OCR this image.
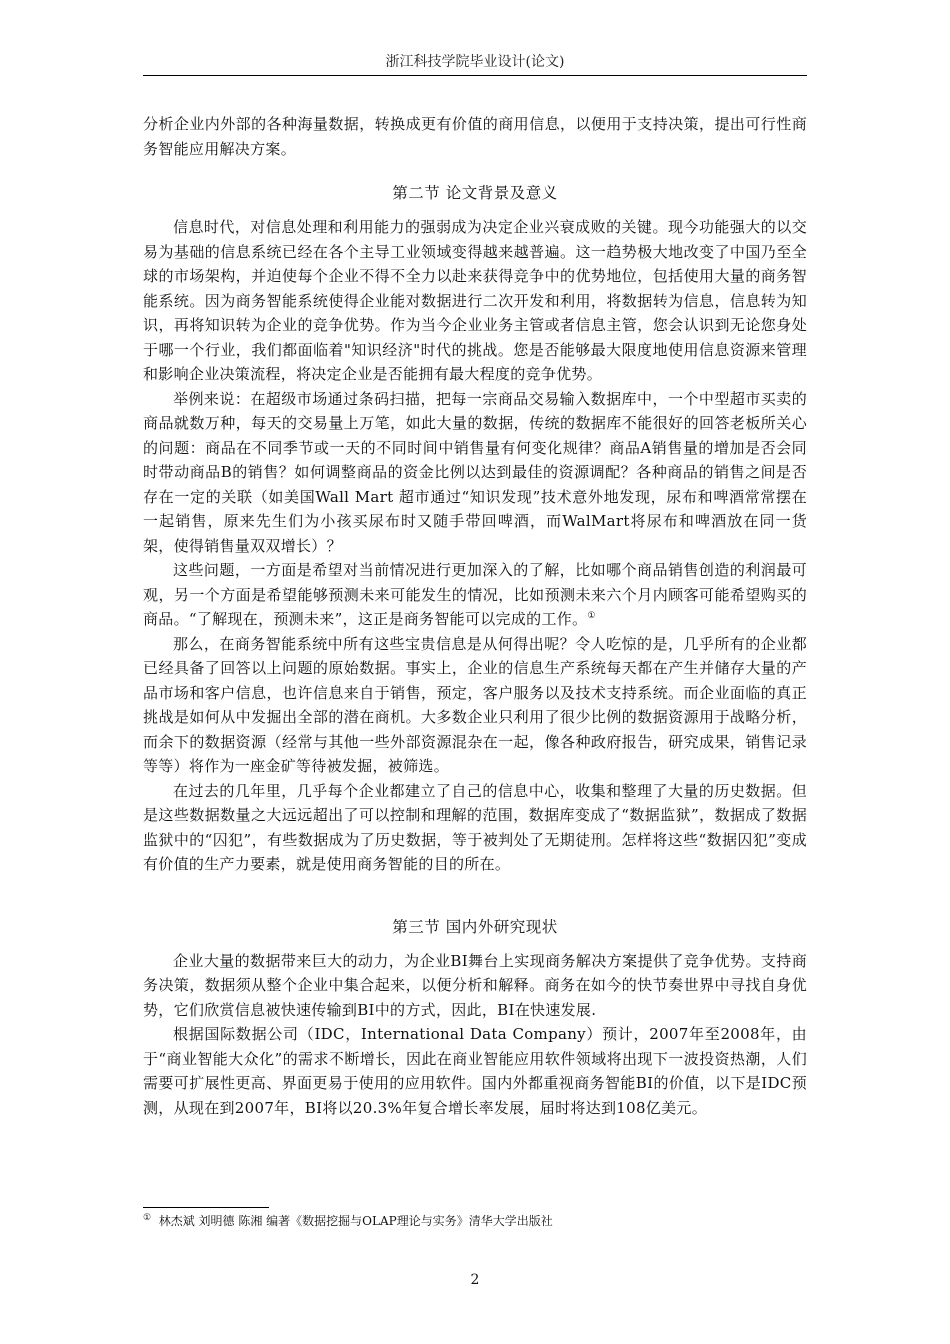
浙江科技学院毕业设计(论文)

分析企业内外部的各种海量数据，转换成更有价值的商用信息，以便用于支持决策，提出可行性商务智能应用解决方案。

第二节 论文背景及意义

信息时代，对信息处理和利用能力的强弱成为决定企业兴衰成败的关键。现今功能强大的以交易为基础的信息系统已经在各个主导工业领域变得越来越普遍。这一趋势极大地改变了中国乃至全球的市场架构，并迫使每个企业不得不全力以赴来获得竞争中的优势地位，包括使用大量的商务智能系统。因为商务智能系统使得企业能对数据进行二次开发和利用，将数据转为信息，信息转为知识，再将知识转为企业的竞争优势。作为当今企业业务主管或者信息主管，您会认识到无论您身处于哪一个行业，我们都面临着"知识经济"时代的挑战。您是否能够最大限度地使用信息资源来管理和影响企业决策流程，将决定企业是否能拥有最大程度的竞争优势。

举例来说：在超级市场通过条码扫描，把每一宗商品交易输入数据库中，一个中型超市买卖的商品就数万种，每天的交易量上万笔，如此大量的数据，传统的数据库不能很好的回答老板所关心的问题：商品在不同季节或一天的不同时间中销售量有何变化规律？商品A销售量的增加是否会同时带动商品B的销售？如何调整商品的资金比例以达到最佳的资源调配？各种商品的销售之间是否存在一定的关联（如美国Wall Mart 超市通过“知识发现”技术意外地发现，尿布和啤酒常常摆在一起销售，原来先生们为小孩买尿布时又随手带回啤酒，而WalMart将尿布和啤酒放在同一货架，使得销售量双双增长）？

这些问题，一方面是希望对当前情况进行更加深入的了解，比如哪个商品销售创造的利润最可观，另一个方面是希望能够预测未来可能发生的情况，比如预测未来六个月内顾客可能希望购买的商品。“了解现在，预测未来”，这正是商务智能可以完成的工作。①

那么，在商务智能系统中所有这些宝贵信息是从何得出呢？令人吃惊的是，几乎所有的企业都已经具备了回答以上问题的原始数据。事实上，企业的信息生产系统每天都在产生并储存大量的产品市场和客户信息，也许信息来自于销售，预定，客户服务以及技术支持系统。而企业面临的真正挑战是如何从中发掘出全部的潜在商机。大多数企业只利用了很少比例的数据资源用于战略分析，而余下的数据资源（经常与其他一些外部资源混杂在一起，像各种政府报告，研究成果，销售记录等等）将作为一座金矿等待被发掘，被筛选。

在过去的几年里，几乎每个企业都建立了自己的信息中心，收集和整理了大量的历史数据。但是这些数据数量之大远远超出了可以控制和理解的范围，数据库变成了“数据监狱”，数据成了数据监狱中的“囚犯”，有些数据成为了历史数据，等于被判处了无期徒刑。怎样将这些“数据囚犯”变成有价值的生产力要素，就是使用商务智能的目的所在。

第三节 国内外研究现状

企业大量的数据带来巨大的动力，为企业BI舞台上实现商务解决方案提供了竞争优势。支持商务决策，数据须从整个企业中集合起来，以便分析和解释。商务在如今的快节奏世界中寻找自身优势，它们欣赏信息被快速传输到BI中的方式，因此，BI在快速发展.

根据国际数据公司（IDC，International Data Company）预计，2007年至2008年，由于“商业智能大众化”的需求不断增长，因此在商业智能应用软件领域将出现下一波投资热潮，人们需要可扩展性更高、界面更易于使用的应用软件。国内外都重视商务智能BI的价值，以下是IDC预测，从现在到2007年，BI将以20.3%年复合增长率发展，届时将达到108亿美元。

① 林杰斌 刘明德 陈湘 编著《数据挖掘与OLAP理论与实务》清华大学出版社
2
